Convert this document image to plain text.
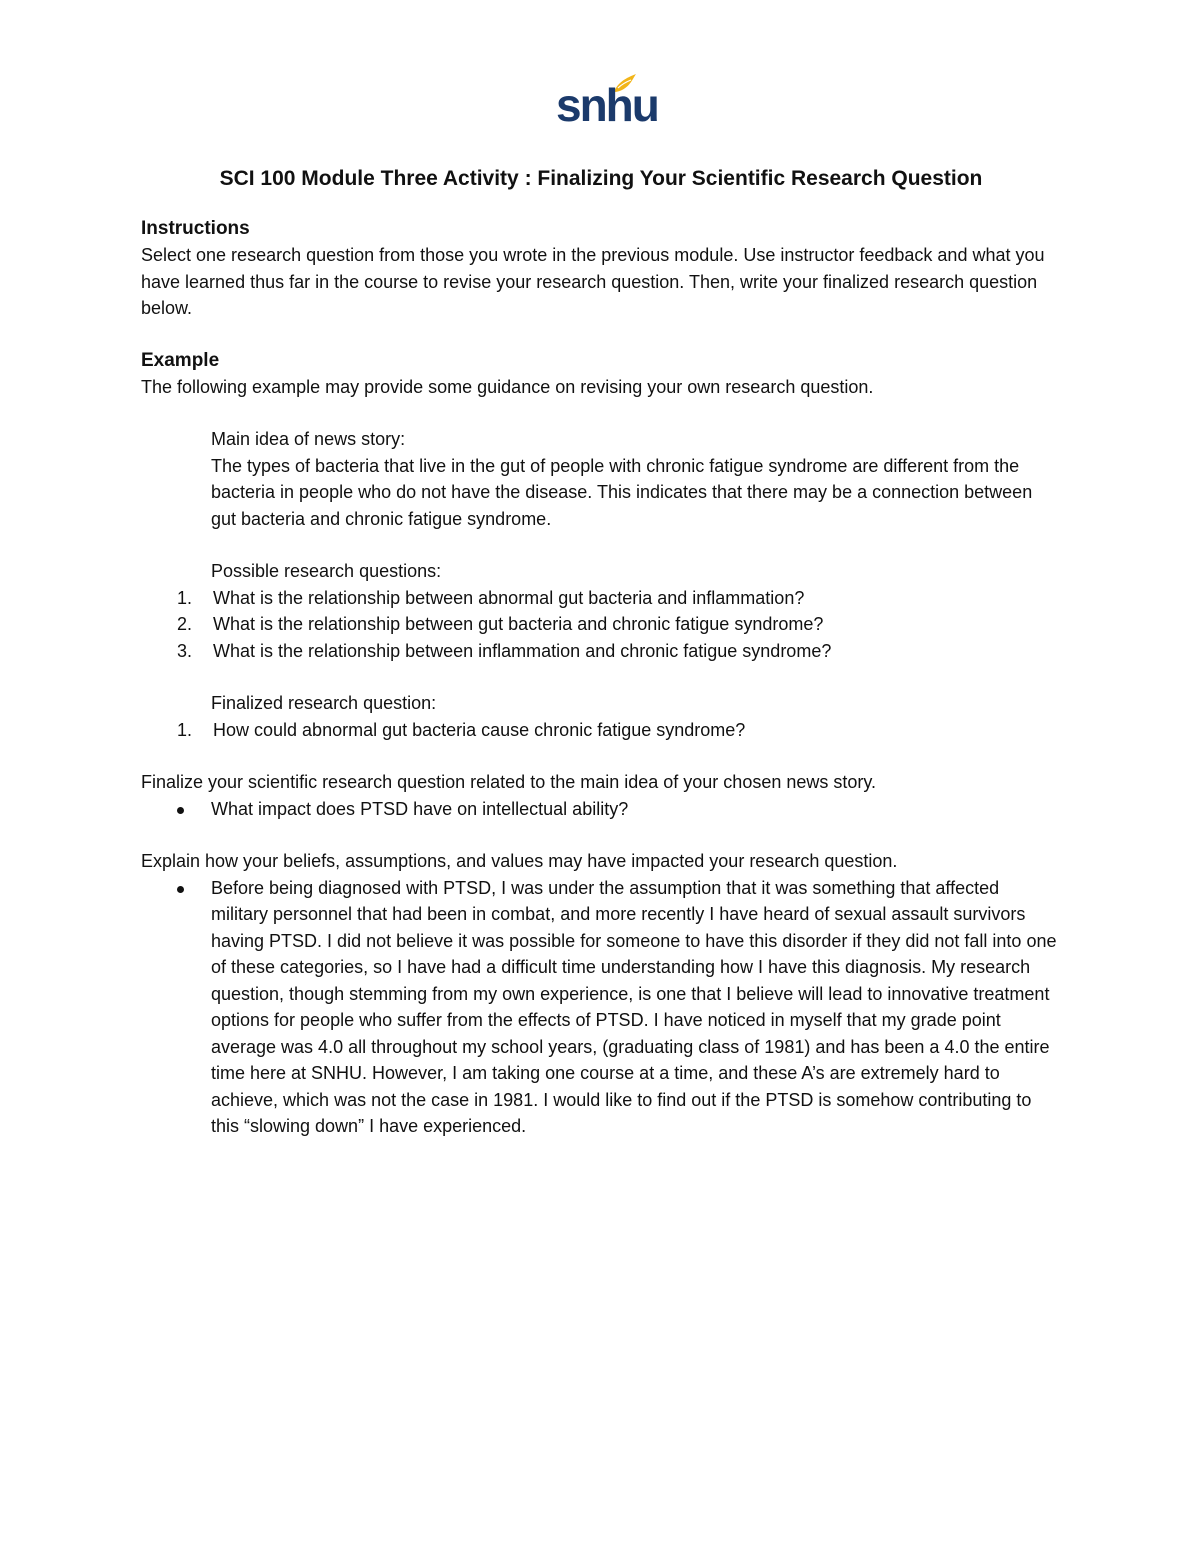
snhu
SCI 100 Module Three Activity : Finalizing Your Scientific Research Question
Instructions

Select one research question from those you wrote in the previous module. Use instructor feedback and what you have learned thus far in the course to revise your research question. Then, write your finalized research question below.

Example

The following example may provide some guidance on revising your own research question.

Main idea of news story:

The types of bacteria that live in the gut of people with chronic fatigue syndrome are different from the bacteria in people who do not have the disease. This indicates that there may be a connection between gut bacteria and chronic fatigue syndrome.

Possible research questions:

1. What is the relationship between abnormal gut bacteria and inflammation?
2. What is the relationship between gut bacteria and chronic fatigue syndrome?
3. What is the relationship between inflammation and chronic fatigue syndrome?

Finalized research question:

1. How could abnormal gut bacteria cause chronic fatigue syndrome?

Finalize your scientific research question related to the main idea of your chosen news story.

What impact does PTSD have on intellectual ability?

Explain how your beliefs, assumptions, and values may have impacted your research question.

Before being diagnosed with PTSD, I was under the assumption that it was something that affected military personnel that had been in combat, and more recently I have heard of sexual assault survivors having PTSD. I did not believe it was possible for someone to have this disorder if they did not fall into one of these categories, so I have had a difficult time understanding how I have this diagnosis. My research question, though stemming from my own experience, is one that I believe will lead to innovative treatment options for people who suffer from the effects of PTSD. I have noticed in myself that my grade point average was 4.0 all throughout my school years, (graduating class of 1981) and has been a 4.0 the entire time here at SNHU. However, I am taking one course at a time, and these A’s are extremely hard to achieve, which was not the case in 1981. I would like to find out if the PTSD is somehow contributing to this “slowing down” I have experienced.
